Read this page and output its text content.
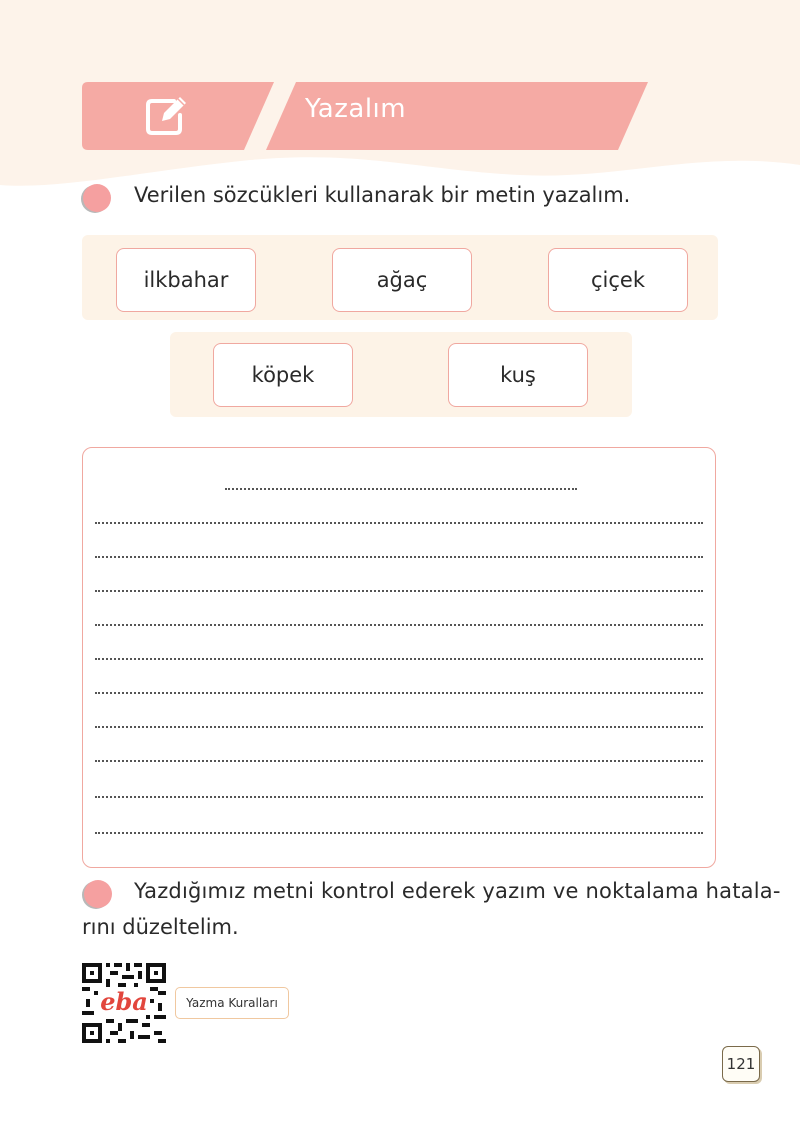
Yazalım
Verilen sözcükleri kullanarak bir metin yazalım.
ilkbahar	ağaç	çiçek
köpek	kuş
Yazdığımız metni kontrol ederek yazım ve noktalama hatala-
rını düzeltelim.
eba	Yazma Kuralları
121
